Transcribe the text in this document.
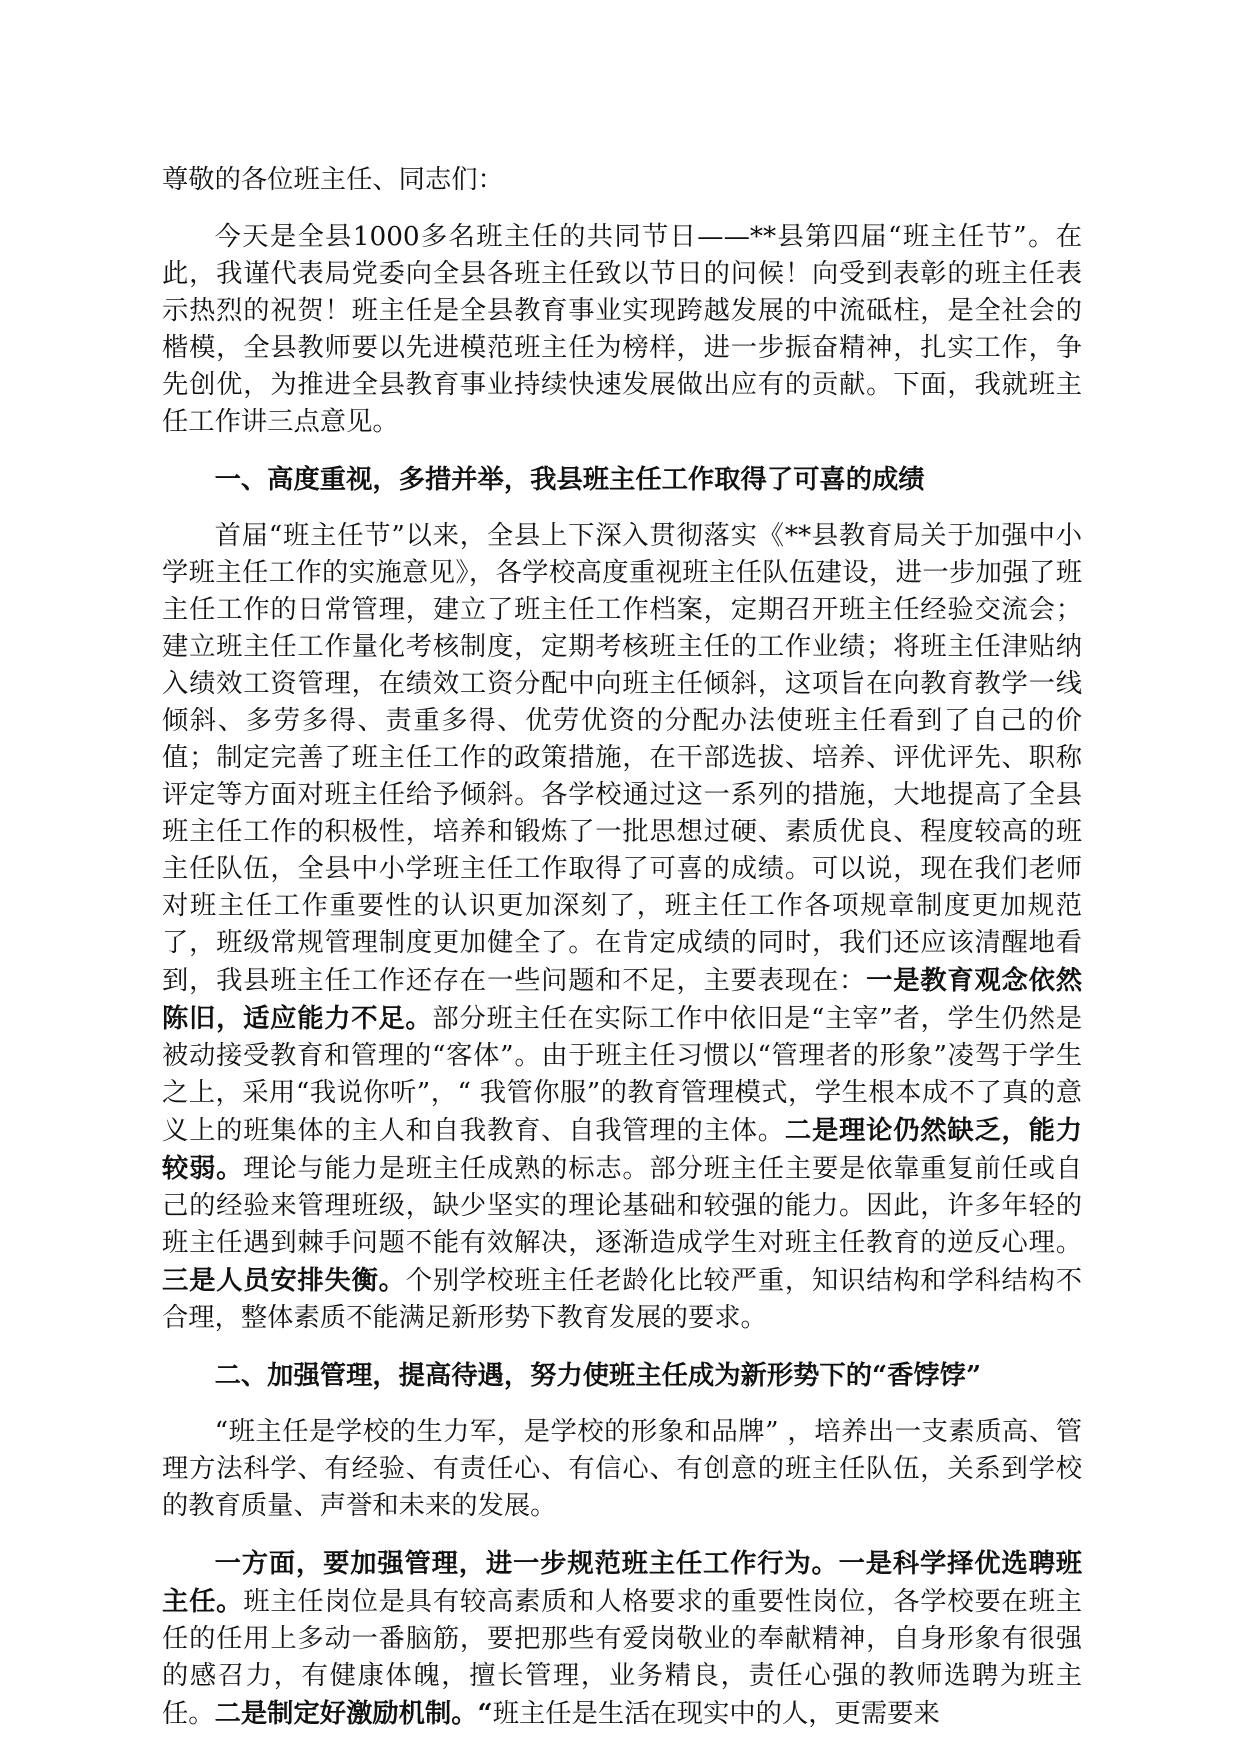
尊敬的各位班主任、同志们：

今天是全县1000多名班主任的共同节日——**县第四届“班主任节”。在此，我谨代表局党委向全县各班主任致以节日的问候！向受到表彰的班主任表示热烈的祝贺！班主任是全县教育事业实现跨越发展的中流砥柱，是全社会的楷模，全县教师要以先进模范班主任为榜样，进一步振奋精神，扎实工作，争先创优，为推进全县教育事业持续快速发展做出应有的贡献。下面，我就班主任工作讲三点意见。

一、高度重视，多措并举，我县班主任工作取得了可喜的成绩

首届“班主任节”以来，全县上下深入贯彻落实《**县教育局关于加强中小学班主任工作的实施意见》，各学校高度重视班主任队伍建设，进一步加强了班主任工作的日常管理，建立了班主任工作档案，定期召开班主任经验交流会；建立班主任工作量化考核制度，定期考核班主任的工作业绩；将班主任津贴纳入绩效工资管理，在绩效工资分配中向班主任倾斜，这项旨在向教育教学一线倾斜、多劳多得、责重多得、优劳优资的分配办法使班主任看到了自己的价值；制定完善了班主任工作的政策措施，在干部选拔、培养、评优评先、职称评定等方面对班主任给予倾斜。各学校通过这一系列的措施，大地提高了全县班主任工作的积极性，培养和锻炼了一批思想过硬、素质优良、程度较高的班主任队伍，全县中小学班主任工作取得了可喜的成绩。可以说，现在我们老师对班主任工作重要性的认识更加深刻了，班主任工作各项规章制度更加规范了，班级常规管理制度更加健全了。在肯定成绩的同时，我们还应该清醒地看到，我县班主任工作还存在一些问题和不足，主要表现在：一是教育观念依然陈旧，适应能力不足。部分班主任在实际工作中依旧是“主宰”者，学生仍然是被动接受教育和管理的“客体”。由于班主任习惯以“管理者的形象”凌驾于学生之上，采用“我说你听”，“ 我管你服”的教育管理模式，学生根本成不了真的意义上的班集体的主人和自我教育、自我管理的主体。二是理论仍然缺乏，能力较弱。理论与能力是班主任成熟的标志。部分班主任主要是依靠重复前任或自己的经验来管理班级，缺少坚实的理论基础和较强的能力。因此，许多年轻的班主任遇到棘手问题不能有效解决，逐渐造成学生对班主任教育的逆反心理。三是人员安排失衡。个别学校班主任老龄化比较严重，知识结构和学科结构不合理，整体素质不能满足新形势下教育发展的要求。

二、加强管理，提高待遇，努力使班主任成为新形势下的“香饽饽”

“班主任是学校的生力军，是学校的形象和品牌” ，培养出一支素质高、管理方法科学、有经验、有责任心、有信心、有创意的班主任队伍，关系到学校的教育质量、声誉和未来的发展。

一方面，要加强管理，进一步规范班主任工作行为。一是科学择优选聘班主任。班主任岗位是具有较高素质和人格要求的重要性岗位，各学校要在班主任的任用上多动一番脑筋，要把那些有爱岗敬业的奉献精神，自身形象有很强的感召力，有健康体魄，擅长管理，业务精良，责任心强的教师选聘为班主任。二是制定好激励机制。“班主任是生活在现实中的人，更需要来
